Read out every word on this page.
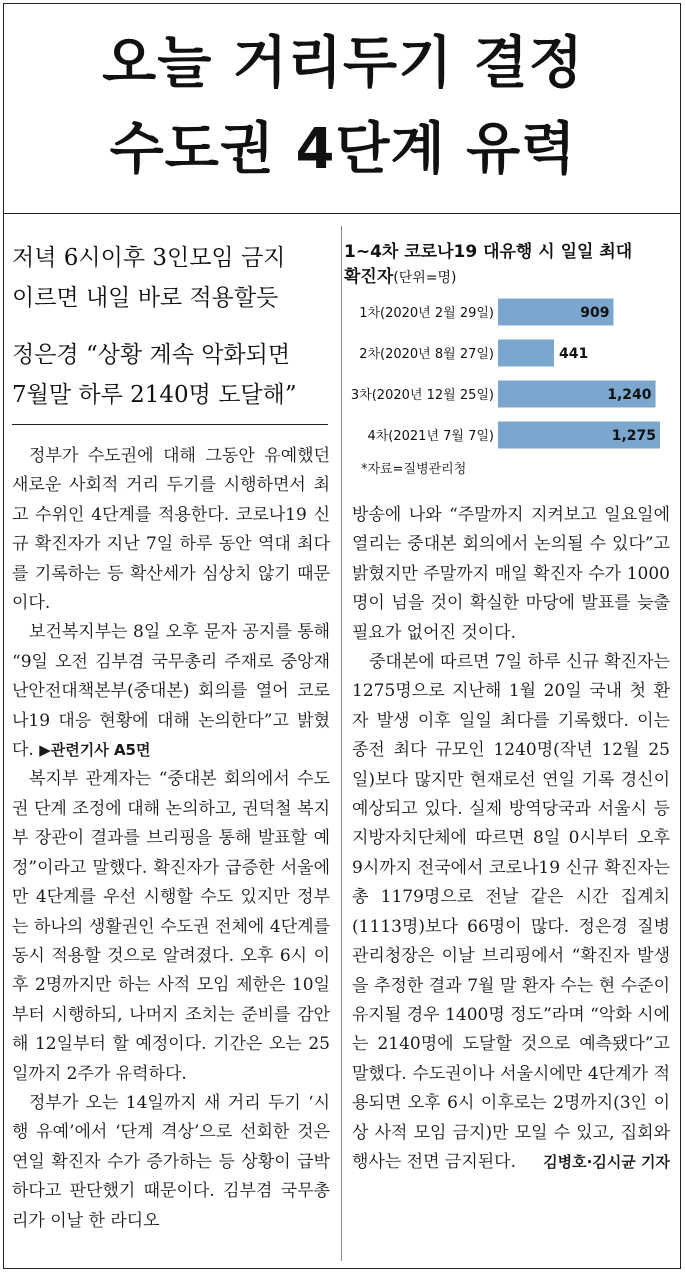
오늘 거리두기 결정
수도권 4단계 유력
저녁 6시이후 3인모임 금지
이르면 내일 바로 적용할듯
정은경 “상황 계속 악화되면
7월말 하루 2140명 도달해”
1~4차 코로나19 대유행 시 일일 최대
확진자(단위=명)
1차(2020년 2월 29일)	909
2차(2020년 8월 27일)	441
3차(2020년 12월 25일)	1,240
4차(2021년 7월 7일)	1,275
*자료=질병관리청

정부가 수도권에 대해 그동안 유예했던 새로운 사회적 거리 두기를 시행하면서 최고 수위인 4단계를 적용한다. 코로나19 신규 확진자가 지난 7일 하루 동안 역대 최다를 기록하는 등 확산세가 심상치 않기 때문이다.

보건복지부는 8일 오후 문자 공지를 통해 “9일 오전 김부겸 국무총리 주재로 중앙재난안전대책본부(중대본) 회의를 열어 코로나19 대응 현황에 대해 논의한다”고 밝혔다. ▶관련기사 A5면

복지부 관계자는 “중대본 회의에서 수도권 단계 조정에 대해 논의하고, 권덕철 복지부 장관이 결과를 브리핑을 통해 발표할 예정”이라고 말했다. 확진자가 급증한 서울에만 4단계를 우선 시행할 수도 있지만 정부는 하나의 생활권인 수도권 전체에 4단계를 동시 적용할 것으로 알려졌다. 오후 6시 이후 2명까지만 하는 사적 모임 제한은 10일부터 시행하되, 나머지 조치는 준비를 감안해 12일부터 할 예정이다. 기간은 오는 25일까지 2주가 유력하다.

정부가 오는 14일까지 새 거리 두기 ‘시행 유예’에서 ‘단계 격상’으로 선회한 것은 연일 확진자 수가 증가하는 등 상황이 급박하다고 판단했기 때문이다. 김부겸 국무총리가 이날 한 라디오

방송에 나와 “주말까지 지켜보고 일요일에 열리는 중대본 회의에서 논의될 수 있다”고 밝혔지만 주말까지 매일 확진자 수가 1000명이 넘을 것이 확실한 마당에 발표를 늦출 필요가 없어진 것이다.

중대본에 따르면 7일 하루 신규 확진자는 1275명으로 지난해 1월 20일 국내 첫 환자 발생 이후 일일 최다를 기록했다. 이는 종전 최다 규모인 1240명(작년 12월 25일)보다 많지만 현재로선 연일 기록 경신이 예상되고 있다. 실제 방역당국과 서울시 등 지방자치단체에 따르면 8일 0시부터 오후 9시까지 전국에서 코로나19 신규 확진자는 총 1179명으로 전날 같은 시간 집계치(1113명)보다 66명이 많다. 정은경 질병관리청장은 이날 브리핑에서 “확진자 발생을 추정한 결과 7월 말 환자 수는 현 수준이 유지될 경우 1400명 정도”라며 “악화 시에는 2140명에 도달할 것으로 예측됐다”고 말했다. 수도권이나 서울시에만 4단계가 적용되면 오후 6시 이후로는 2명까지(3인 이상 사적 모임 금지)만 모일 수 있고, 집회와 행사는 전면 금지된다.	김병호·김시균 기자
